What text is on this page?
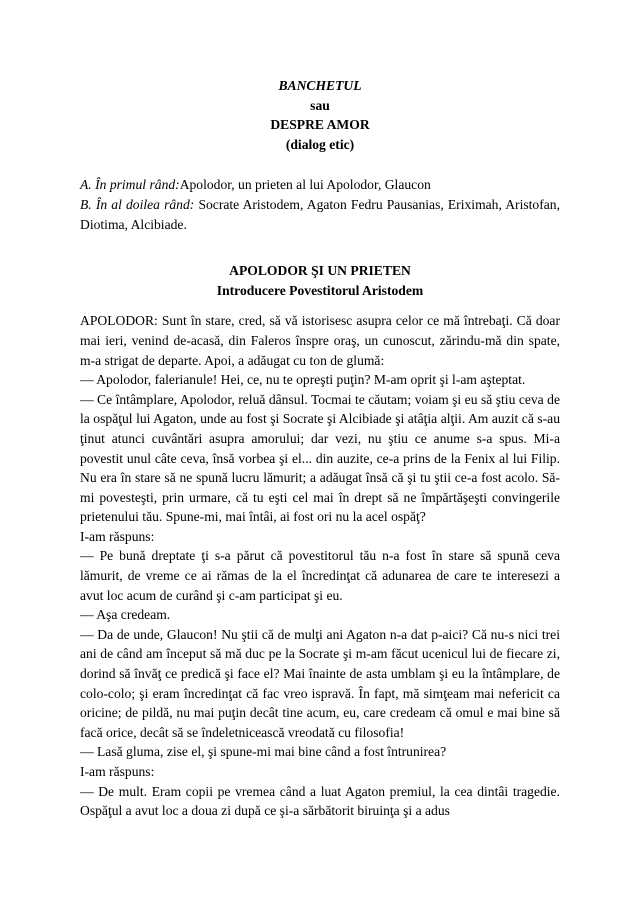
BANCHETUL
sau
DESPRE AMOR
(dialog etic)
A. În primul rând:Apolodor, un prieten al lui Apolodor, Glaucon
B. În al doilea rând: Socrate Aristodem, Agaton Fedru Pausanias, Eriximah, Aristofan, Diotima, Alcibiade.
APOLODOR ŞI UN PRIETEN
Introducere Povestitorul Aristodem

APOLODOR: Sunt în stare, cred, să vă istorisesc asupra celor ce mă întrebaţi. Că doar mai ieri, venind de-acasă, din Faleros înspre oraş, un cunoscut, zărindu-mă din spate, m-a strigat de departe. Apoi, a adăugat cu ton de glumă:

— Apolodor, falerianule! Hei, ce, nu te opreşti puţin? M-am oprit şi l-am aşteptat.

— Ce întâmplare, Apolodor, reluă dânsul. Tocmai te căutam; voiam şi eu să ştiu ceva de la ospăţul lui Agaton, unde au fost şi Socrate şi Alcibiade şi atâţia alţii. Am auzit că s-au ţinut atunci cuvântări asupra amorului; dar vezi, nu ştiu ce anume s-a spus. Mi-a povestit unul câte ceva, însă vorbea şi el... din auzite, ce-a prins de la Fenix al lui Filip. Nu era în stare să ne spună lucru lămurit; a adăugat însă că şi tu ştii ce-a fost acolo. Să-mi povesteşti, prin urmare, că tu eşti cel mai în drept să ne împărtăşeşti convingerile prietenului tău. Spune-mi, mai întâi, ai fost ori nu la acel ospăţ?

I-am răspuns:

— Pe bună dreptate ţi s-a părut că povestitorul tău n-a fost în stare să spună ceva lămurit, de vreme ce ai rămas de la el încredinţat că adunarea de care te interesezi a avut loc acum de curând şi c-am participat şi eu.

— Aşa credeam.

— Da de unde, Glaucon! Nu ştii că de mulţi ani Agaton n-a dat p-aici? Că nu-s nici trei ani de când am început să mă duc pe la Socrate şi m-am făcut ucenicul lui de fiecare zi, dorind să învăţ ce predică şi face el? Mai înainte de asta umblam şi eu la întâmplare, de colo-colo; şi eram încredinţat că fac vreo ispravă. În fapt, mă simţeam mai nefericit ca oricine; de pildă, nu mai puţin decât tine acum, eu, care credeam că omul e mai bine să facă orice, decât să se îndeletnicească vreodată cu filosofia!

— Lasă gluma, zise el, şi spune-mi mai bine când a fost întrunirea?

I-am răspuns:

— De mult. Eram copii pe vremea când a luat Agaton premiul, la cea dintâi tragedie. Ospăţul a avut loc a doua zi după ce şi-a sărbătorit biruinţa şi a adus
